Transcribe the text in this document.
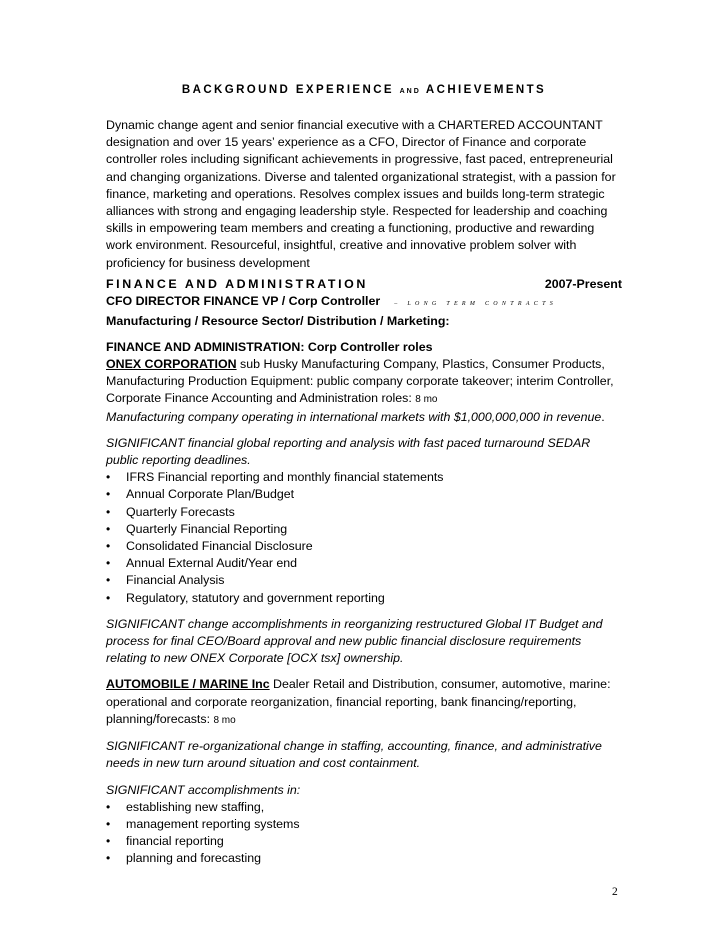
BACKGROUND EXPERIENCE AND ACHIEVEMENTS

Dynamic change agent and senior financial executive with a CHARTERED ACCOUNTANT designation and over 15 years’ experience as a CFO, Director of Finance and corporate controller roles including significant achievements in progressive, fast paced, entrepreneurial and changing organizations. Diverse and talented organizational strategist, with a passion for finance, marketing and operations. Resolves complex issues and builds long-term strategic alliances with strong and engaging leadership style. Respected for leadership and coaching skills in empowering team members and creating a functioning, productive and rewarding work environment. Resourceful, insightful, creative and innovative problem solver with proficiency for business development

FINANCE AND ADMINISTRATION	2007-Present
CFO DIRECTOR FINANCE VP / Corp Controller – LONG TERM CONTRACTS
Manufacturing / Resource Sector/ Distribution / Marketing:

FINANCE AND ADMINISTRATION: Corp Controller roles

ONEX CORPORATION sub Husky Manufacturing Company, Plastics, Consumer Products, Manufacturing Production Equipment: public company corporate takeover; interim Controller, Corporate Finance Accounting and Administration roles: 8 mo

Manufacturing company operating in international markets with $1,000,000,000 in revenue.

SIGNIFICANT financial global reporting and analysis with fast paced turnaround SEDAR public reporting deadlines.

• IFRS Financial reporting and monthly financial statements
• Annual Corporate Plan/Budget
• Quarterly Forecasts
• Quarterly Financial Reporting
• Consolidated Financial Disclosure
• Annual External Audit/Year end
• Financial Analysis
• Regulatory, statutory and government reporting

SIGNIFICANT change accomplishments in reorganizing restructured Global IT Budget and process for final CEO/Board approval and new public financial disclosure requirements relating to new ONEX Corporate [OCX tsx] ownership.

AUTOMOBILE / MARINE Inc Dealer Retail and Distribution, consumer, automotive, marine: operational and corporate reorganization, financial reporting, bank financing/reporting, planning/forecasts: 8 mo

SIGNIFICANT re-organizational change in staffing, accounting, finance, and administrative needs in new turn around situation and cost containment.

SIGNIFICANT accomplishments in:

• establishing new staffing,
• management reporting systems
• financial reporting
• planning and forecasting
2
